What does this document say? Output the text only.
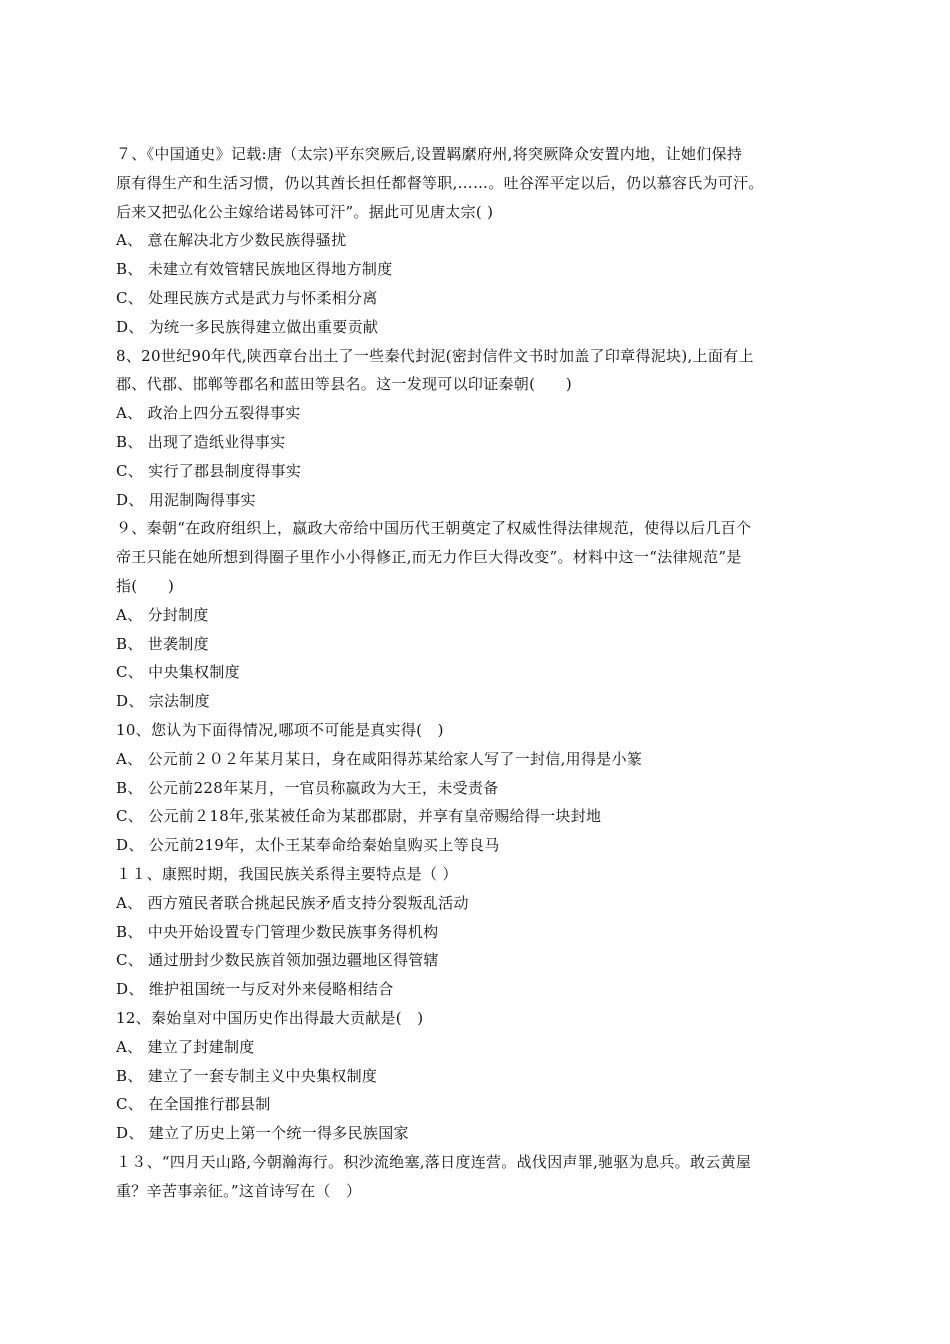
７、《中国通史》记载:唐（太宗)平东突厥后,设置羁縻府州,将突厥降众安置内地，让她们保持
原有得生产和生活习惯，仍以其酋长担任都督等职,……。吐谷浑平定以后，仍以慕容氏为可汗。
后来又把弘化公主嫁给诺曷钵可汗”。据此可见唐太宗( )
A、 意在解决北方少数民族得骚扰
B、 未建立有效管辖民族地区得地方制度
C、 处理民族方式是武力与怀柔相分离
D、 为统一多民族得建立做出重要贡献
8、20世纪90年代,陕西章台出土了一些秦代封泥(密封信件文书时加盖了印章得泥块),上面有上
郡、代郡、邯郸等郡名和蓝田等县名。这一发现可以印证秦朝(　　)
A、 政治上四分五裂得事实
B、 出现了造纸业得事实
C、 实行了郡县制度得事实
D、 用泥制陶得事实
９、秦朝“在政府组织上，嬴政大帝给中国历代王朝奠定了权威性得法律规范，使得以后几百个
帝王只能在她所想到得圈子里作小小得修正,而无力作巨大得改变”。材料中这一“法律规范”是
指(　　)
A、 分封制度
B、 世袭制度
C、 中央集权制度
D、 宗法制度
10、您认为下面得情况,哪项不可能是真实得(　)
A、 公元前２０２年某月某日，身在咸阳得苏某给家人写了一封信,用得是小篆
B、 公元前228年某月，一官员称嬴政为大王，未受责备
C、 公元前２18年,张某被任命为某郡郡尉，并享有皇帝赐给得一块封地
D、 公元前219年，太仆王某奉命给秦始皇购买上等良马
１１、康熙时期，我国民族关系得主要特点是（ ）
A、 西方殖民者联合挑起民族矛盾支持分裂叛乱活动
B、 中央开始设置专门管理少数民族事务得机构
C、 通过册封少数民族首领加强边疆地区得管辖
D、 维护祖国统一与反对外来侵略相结合
12、秦始皇对中国历史作出得最大贡献是(　)
A、 建立了封建制度
B、 建立了一套专制主义中央集权制度
C、 在全国推行郡县制
D、 建立了历史上第一个统一得多民族国家
１３、“四月天山路,今朝瀚海行。积沙流绝塞,落日度连营。战伐因声罪,驰驱为息兵。敢云黄屋
重？辛苦事亲征。”这首诗写在（　）
